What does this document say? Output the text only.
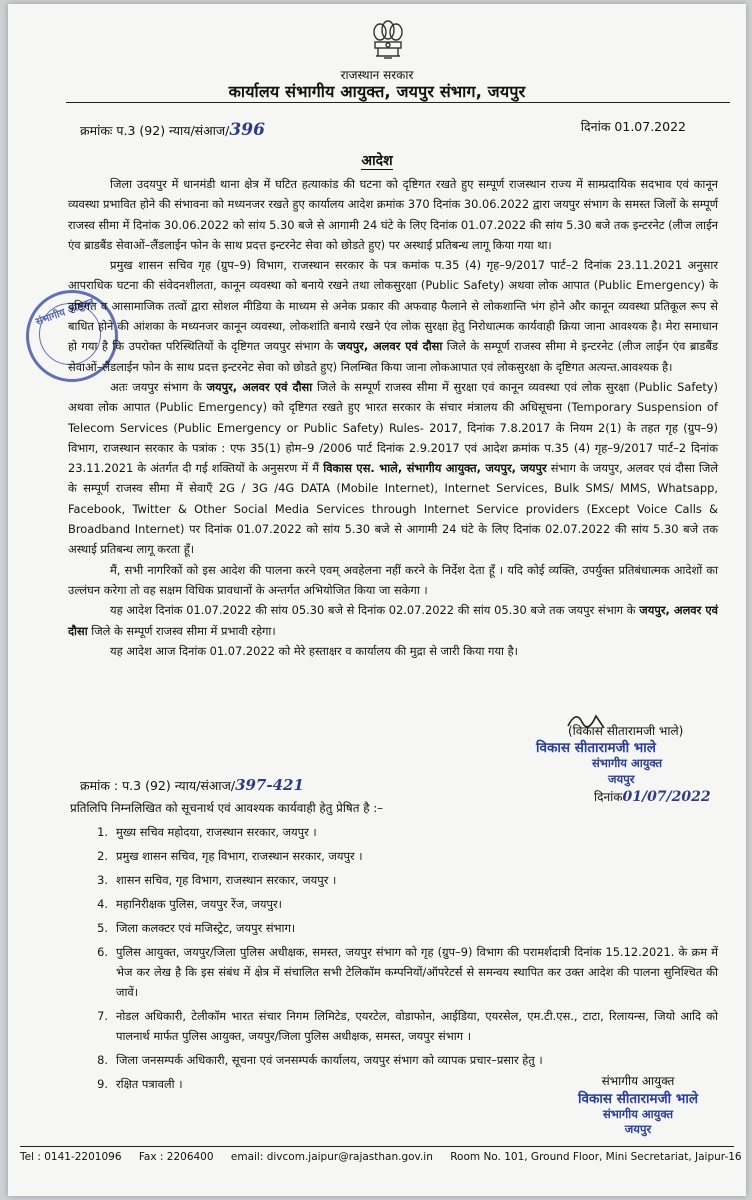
राजस्थान सरकार
कार्यालय संभागीय आयुक्त, जयपुर संभाग, जयपुर
क्रमांकः प.3 (92) न्याय/संआज/396	दिनांक 01.07.2022
आदेश
संभागीय आयुक्त

जिला उदयपुर में धानमंडी थाना क्षेत्र में घटित हत्याकांड की घटना को दृष्टिगत रखते हुए सम्पूर्ण राजस्थान राज्य में साम्प्रदायिक सदभाव एवं कानून व्यवस्था प्रभावित होने की संभावना को मध्यनजर रखते हुए कार्यालय आदेश क्रमांक 370 दिनांक 30.06.2022 द्वारा जयपुर संभाग के समस्त जिलों के सम्पूर्ण राजस्व सीमा में दिनांक 30.06.2022 को सांय 5.30 बजे से आगामी 24 घंटे के लिए दिनांक 01.07.2022 की सांय 5.30 बजे तक इन्टरनेट (लीज लाईन एंव ब्राडबैंड सेवाओं–लैंडलाईन फोन के साथ प्रदत्त इन्टरनेट सेवा को छोडते हुए) पर अस्थाई प्रतिबन्ध लागू किया गया था।

प्रमुख शासन सचिव गृह (ग्रुप–9) विभाग, राजस्थान सरकार के पत्र कमांक प.35 (4) गृह–9/2017 पार्ट–2 दिनांक 23.11.2021 अनुसार आपराधिक घटना की संवेदनशीलता, कानून व्यवस्था को बनाये रखने तथा लोकसुरक्षा (Public Safety) अथवा लोक आपात (Public Emergency) के दृष्टिगत व आसामाजिक तत्वों द्वारा सोशल मीडिया के माध्यम से अनेक प्रकार की अफवाह फैलाने से लोकशान्ति भंग होने और कानून व्यवस्था प्रतिकूल रूप से बाधित होने की आंशका के मध्यनजर कानून व्यवस्था, लोकशांति बनाये रखने एंव लोक सुरक्षा हेतु निरोधात्मक कार्यवाही क्रिया जाना आवश्यक है। मेरा समाधान हो गया है कि उपरोक्त परिस्थितियों के दृष्टिगत जयपुर संभाग के जयपुर, अलवर एवं दौसा जिले के सम्पूर्ण राजस्व सीमा मे इन्टरनेट (लीज लाईन एंव ब्राडबैंड सेवाओं–लैंडलाईन फोन के साथ प्रदत्त इन्टरनेट सेवा को छोडते हुए) निलम्बित किया जाना लोकआपात एवं लोकसुरक्षा के दृष्टिगत अत्यन्त.आवश्यक है।

अतः जयपुर संभाग के जयपुर, अलवर एवं दौसा जिले के सम्पूर्ण राजस्व सीमा में सुरक्षा एवं कानून व्यवस्था एवं लोक सुरक्षा (Public Safety) अथवा लोक आपात (Public Emergency) को दृष्टिगत रखते हुए भारत सरकार के संचार मंत्रालय की अधिसूचना (Temporary Suspension of Telecom Services (Public Emergency or Public Safety) Rules- 2017, दिनांक 7.8.2017 के नियम 2(1) के तहत गृह (ग्रुप–9) विभाग, राजस्थान सरकार के पत्रांक : एफ 35(1) होम–9 /2006 पार्ट दिनांक 2.9.2017 एवं आदेश क्रमांक प.35 (4) गृह–9/2017 पार्ट–2 दिनांक 23.11.2021 के अंतर्गत दी गई शक्तियों के अनुसरण में मैं विकास एस. भाले, संभागीय आयुक्त, जयपुर, जयपुर संभाग के जयपुर, अलवर एवं दौसा जिले के सम्पूर्ण राजस्व सीमा में सेवाएँ 2G / 3G /4G DATA (Mobile Internet), Internet Services, Bulk SMS/ MMS, Whatsapp, Facebook, Twitter & Other Social Media Services through Internet Service providers (Except Voice Calls & Broadband Internet) पर दिनांक 01.07.2022 को सांय 5.30 बजे से आगामी 24 घंटे के लिए दिनांक 02.07.2022 की सांय 5.30 बजे तक अस्थाई प्रतिबन्ध लागू करता हूँ।

मैं, सभी नागरिकों को इस आदेश की पालना करने एवम् अवहेलना नहीं करने के निर्देश देता हूँ । यदि कोई व्यक्ति, उपर्युक्त प्रतिबंधात्मक आदेशों का उल्लंघन करेगा तो वह सक्षम विधिक प्रावधानों के अन्तर्गत अभियोजित किया जा सकेगा ।

यह आदेश दिनांक 01.07.2022 की सांय 05.30 बजे से दिनांक 02.07.2022 की सांय 05.30 बजे तक जयपुर संभाग के जयपुर, अलवर एवं दौसा जिले के सम्पूर्ण राजस्व सीमा में प्रभावी रहेगा।

यह आदेश आज दिनांक 01.07.2022 को मेरे हस्ताक्षर व कार्यालय की मुद्रा से जारी किया गया है।

(विकास सीतारामजी भाले)
विकास सीतारामजी भाले
संभागीय आयुक्त
जयपुर
दिनांक01/07/2022
क्रमांक : प.3 (92) न्याय/संआज/397-421
प्रतिलिपि निम्नलिखित को सूचनार्थ एवं आवश्यक कार्यवाही हेतु प्रेषित है :–
1. मुख्य सचिव महोदया, राजस्थान सरकार, जयपुर ।
2. प्रमुख शासन सचिव, गृह विभाग, राजस्थान सरकार, जयपुर ।
3. शासन सचिव, गृह विभाग, राजस्थान सरकार, जयपुर ।
4. महानिरीक्षक पुलिस, जयपुर रेंज, जयपुर।
5. जिला कलक्टर एवं मजिस्ट्रेट, जयपुर संभाग।
6. पुलिस आयुक्त, जयपुर/जिला पुलिस अधीक्षक, समस्त, जयपुर संभाग को गृह (ग्रुप–9) विभाग की परामर्शदात्री दिनांक 15.12.2021. के क्रम में भेज कर लेख है कि इस संबंध में क्षेत्र में संचालित सभी टेलिकॉम कम्पनियों/ऑपरेटर्स से समन्वय स्थापित कर उक्त आदेश की पालना सुनिश्चित की जावें।
7. नोडल अधिकारी, टेलीकॉम भारत संचार निगम लिमिटेड, एयरटेल, वोडाफोन, आईडिया, एयरसेल, एम.टी.एस., टाटा, रिलायन्स, जियो आदि को पालनार्थ मार्फत पुलिस आयुक्त, जयपुर/जिला पुलिस अधीक्षक, समस्त, जयपुर संभाग ।
8. जिला जनसम्पर्क अधिकारी, सूचना एवं जनसम्पर्क कार्यालय, जयपुर संभाग को व्यापक प्रचार–प्रसार हेतु ।
9. रक्षित पत्रावली ।	संभागीय आयुक्त
विकास सीतारामजी भाले
संभागीय आयुक्त
जयपुर
Tel : 0141-2201096 Fax : 2206400 email: divcom.jaipur@rajasthan.gov.in Room No. 101, Ground Floor, Mini Secretariat, Jaipur-16
